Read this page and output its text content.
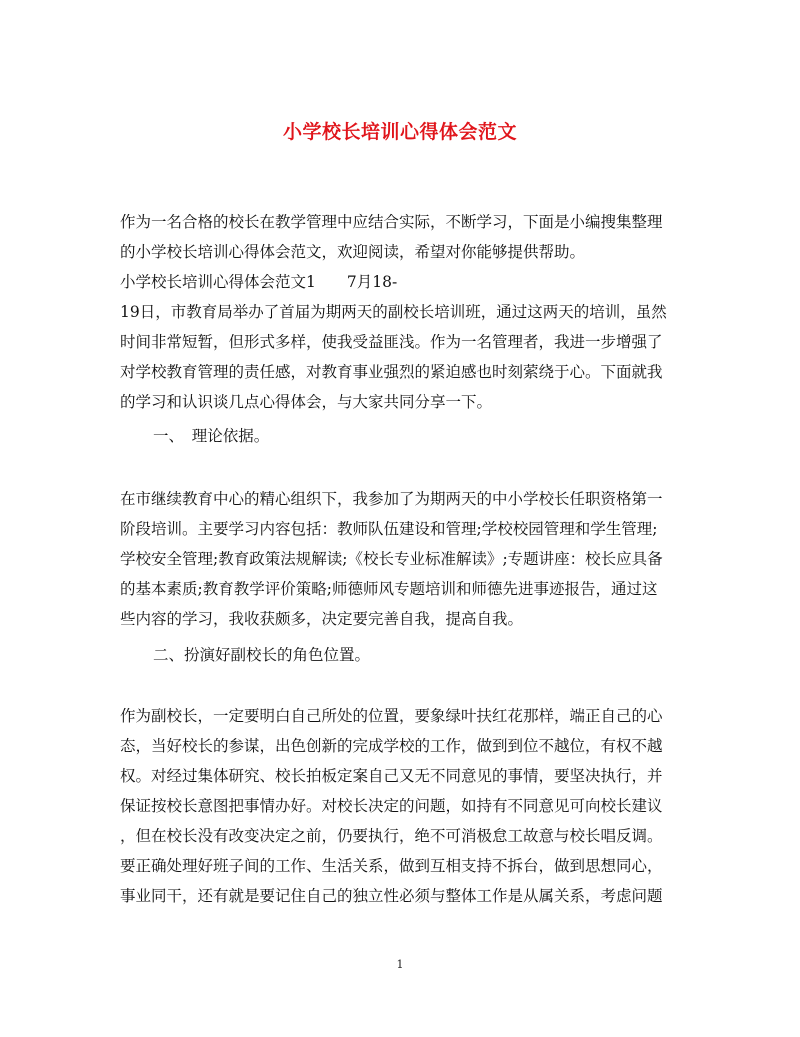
小学校长培训心得体会范文
作为一名合格的校长在教学管理中应结合实际，不断学习，下面是小编搜集整理
的小学校长培训心得体会范文，欢迎阅读，希望对你能够提供帮助。
小学校长培训心得体会范文1　　7月18-
19日，市教育局举办了首届为期两天的副校长培训班，通过这两天的培训，虽然
时间非常短暂，但形式多样，使我受益匪浅。作为一名管理者，我进一步增强了
对学校教育管理的责任感，对教育事业强烈的紧迫感也时刻萦绕于心。下面就我
的学习和认识谈几点心得体会，与大家共同分享一下。
一、　理论依据。
在市继续教育中心的精心组织下，我参加了为期两天的中小学校长任职资格第一
阶段培训。主要学习内容包括：教师队伍建设和管理;学校校园管理和学生管理;
学校安全管理;教育政策法规解读;《校长专业标准解读》;专题讲座：校长应具备
的基本素质;教育教学评价策略;师德师风专题培训和师德先进事迹报告，通过这
些内容的学习，我收获颇多，决定要完善自我，提高自我。
二、扮演好副校长的角色位置。
作为副校长，一定要明白自己所处的位置，要象绿叶扶红花那样，端正自己的心
态，当好校长的参谋，出色创新的完成学校的工作，做到到位不越位，有权不越
权。对经过集体研究、校长拍板定案自己又无不同意见的事情，要坚决执行，并
保证按校长意图把事情办好。对校长决定的问题，如持有不同意见可向校长建议
，但在校长没有改变决定之前，仍要执行，绝不可消极怠工故意与校长唱反调。
要正确处理好班子间的工作、生活关系，做到互相支持不拆台，做到思想同心，
事业同干，还有就是要记住自己的独立性必须与整体工作是从属关系，考虑问题
1
